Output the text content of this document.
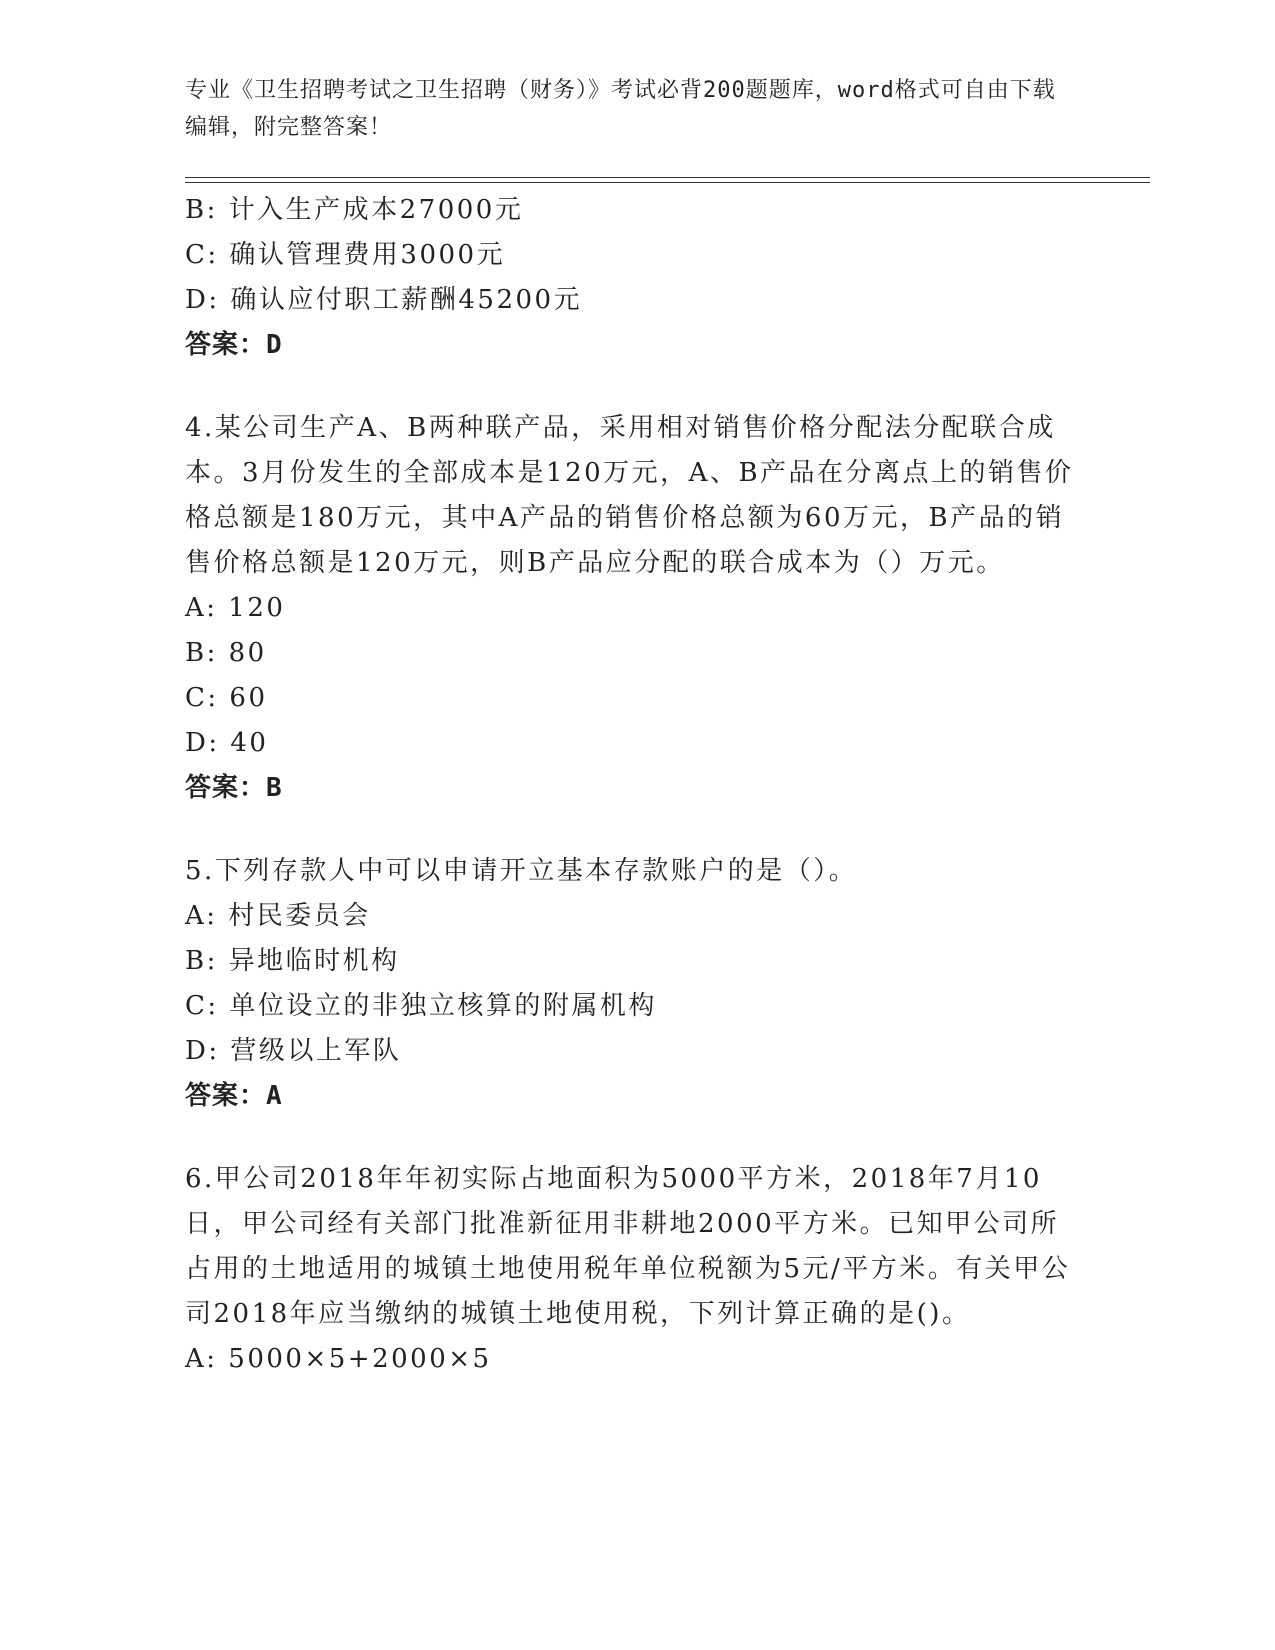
专业《卫生招聘考试之卫生招聘（财务）》考试必背200题题库，word格式可自由下载编辑，附完整答案！
B: 计入生产成本27000元
C: 确认管理费用3000元
D: 确认应付职工薪酬45200元
答案：D
4.某公司生产A、B两种联产品，采用相对销售价格分配法分配联合成本。3月份发生的全部成本是120万元，A、B产品在分离点上的销售价格总额是180万元，其中A产品的销售价格总额为60万元，B产品的销售价格总额是120万元，则B产品应分配的联合成本为（）万元。
A: 120
B: 80
C: 60
D: 40
答案：B
5.下列存款人中可以申请开立基本存款账户的是（）。
A: 村民委员会
B: 异地临时机构
C: 单位设立的非独立核算的附属机构
D: 营级以上军队
答案：A
6.甲公司2018年年初实际占地面积为5000平方米，2018年7月10日，甲公司经有关部门批准新征用非耕地2000平方米。已知甲公司所占用的土地适用的城镇土地使用税年单位税额为5元/平方米。有关甲公司2018年应当缴纳的城镇土地使用税，下列计算正确的是()。
A: 5000×5+2000×5
